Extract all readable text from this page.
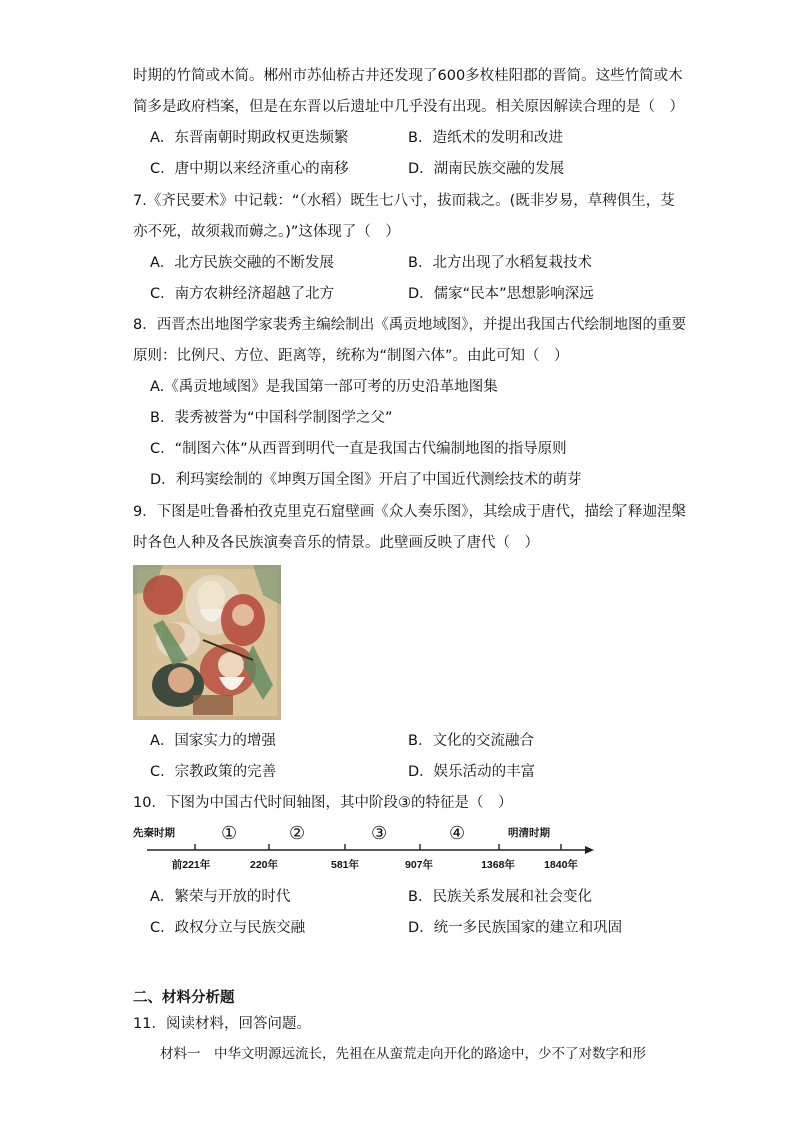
时期的竹简或木简。郴州市苏仙桥古井还发现了600多枚桂阳郡的晋简。这些竹简或木
简多是政府档案，但是在东晋以后遗址中几乎没有出现。相关原因解读合理的是（　）
A．东晋南朝时期政权更迭频繁	B．造纸术的发明和改进
C．唐中期以来经济重心的南移	D．湖南民族交融的发展
7.《齐民要术》中记载：“（水稻）既生七八寸，拔而栽之。(既非岁易，草稗俱生，芟
亦不死，故须栽而薅之。)”这体现了（　）
A．北方民族交融的不断发展	B．北方出现了水稻复栽技术
C．南方农耕经济超越了北方	D．儒家“民本”思想影响深远
8．西晋杰出地图学家裴秀主编绘制出《禹贡地域图》，并提出我国古代绘制地图的重要
原则：比例尺、方位、距离等，统称为“制图六体”。由此可知（　）
A.《禹贡地域图》是我国第一部可考的历史沿革地图集
B．裴秀被誉为“中国科学制图学之父”
C．“制图六体”从西晋到明代一直是我国古代编制地图的指导原则
D．利玛窦绘制的《坤舆万国全图》开启了中国近代测绘技术的萌芽
9．下图是吐鲁番柏孜克里克石窟壁画《众人奏乐图》，其绘成于唐代，描绘了释迦涅槃
时各色人种及各民族演奏音乐的情景。此壁画反映了唐代（　）
A．国家实力的增强	B．文化的交流融合
C．宗教政策的完善	D．娱乐活动的丰富
10．下图为中国古代时间轴图，其中阶段③的特征是（　）
先秦时期	明清时期
①	②	③	④
前221年	220年	581年	907年	1368年	1840年
A．繁荣与开放的时代	B．民族关系发展和社会变化
C．政权分立与民族交融	D．统一多民族国家的建立和巩固
二、材料分析题
11．阅读材料，回答问题。
材料一　中华文明源远流长，先祖在从蛮荒走向开化的路途中，少不了对数字和形
